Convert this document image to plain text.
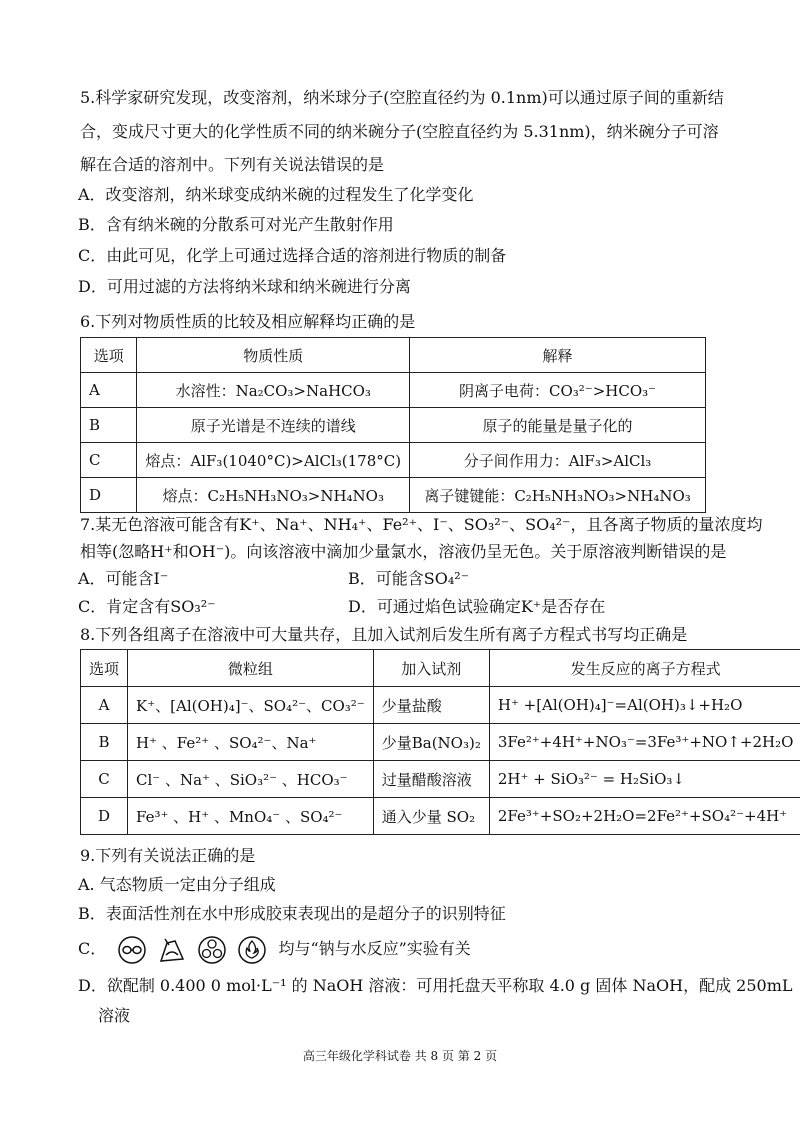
5.科学家研究发现，改变溶剂，纳米球分子(空腔直径约为 0.1nm)可以通过原子间的重新结
合，变成尺寸更大的化学性质不同的纳米碗分子(空腔直径约为 5.31nm)，纳米碗分子可溶
解在合适的溶剂中。下列有关说法错误的是
A．改变溶剂，纳米球变成纳米碗的过程发生了化学变化
B．含有纳米碗的分散系可对光产生散射作用
C．由此可见，化学上可通过选择合适的溶剂进行物质的制备
D．可用过滤的方法将纳米球和纳米碗进行分离
6.下列对物质性质的比较及相应解释均正确的是
选项	物质性质	解释
A	水溶性：Na₂CO₃>NaHCO₃	阴离子电荷：CO₃²⁻>HCO₃⁻
B	原子光谱是不连续的谱线	原子的能量是量子化的
C	熔点：AlF₃(1040°C)>AlCl₃(178°C)	分子间作用力：AlF₃>AlCl₃
D	熔点：C₂H₅NH₃NO₃>NH₄NO₃	离子键键能：C₂H₅NH₃NO₃>NH₄NO₃
7.某无色溶液可能含有K⁺、Na⁺、NH₄⁺、Fe²⁺、I⁻、SO₃²⁻、SO₄²⁻，且各离子物质的量浓度均
相等(忽略H⁺和OH⁻)。向该溶液中滴加少量氯水，溶液仍呈无色。关于原溶液判断错误的是
A．可能含I⁻	B．可能含SO₄²⁻
C．肯定含有SO₃²⁻	D．可通过焰色试验确定K⁺是否存在
8.下列各组离子在溶液中可大量共存，且加入试剂后发生所有离子方程式书写均正确是
选项	微粒组	加入试剂	发生反应的离子方程式
A	K⁺、[Al(OH)₄]⁻、SO₄²⁻、CO₃²⁻	少量盐酸	H⁺ +[Al(OH)₄]⁻=Al(OH)₃↓+H₂O
B	H⁺ 、Fe²⁺ 、SO₄²⁻、Na⁺	少量Ba(NO₃)₂	3Fe²⁺+4H⁺+NO₃⁻=3Fe³⁺+NO↑+2H₂O
C	Cl⁻ 、Na⁺ 、SiO₃²⁻ 、HCO₃⁻	过量醋酸溶液	2H⁺ + SiO₃²⁻ = H₂SiO₃↓
D	Fe³⁺ 、H⁺ 、MnO₄⁻ 、SO₄²⁻	通入少量 SO₂	2Fe³⁺+SO₂+2H₂O=2Fe²⁺+SO₄²⁻+4H⁺
9.下列有关说法正确的是
A. 气态物质一定由分子组成
B．表面活性剂在水中形成胶束表现出的是超分子的识别特征
C．	均与“钠与水反应”实验有关
D．欲配制 0.400 0 mol·L⁻¹ 的 NaOH 溶液：可用托盘天平称取 4.0 g 固体 NaOH，配成 250mL
溶液
高三年级化学科试卷 共 8 页 第 2 页
